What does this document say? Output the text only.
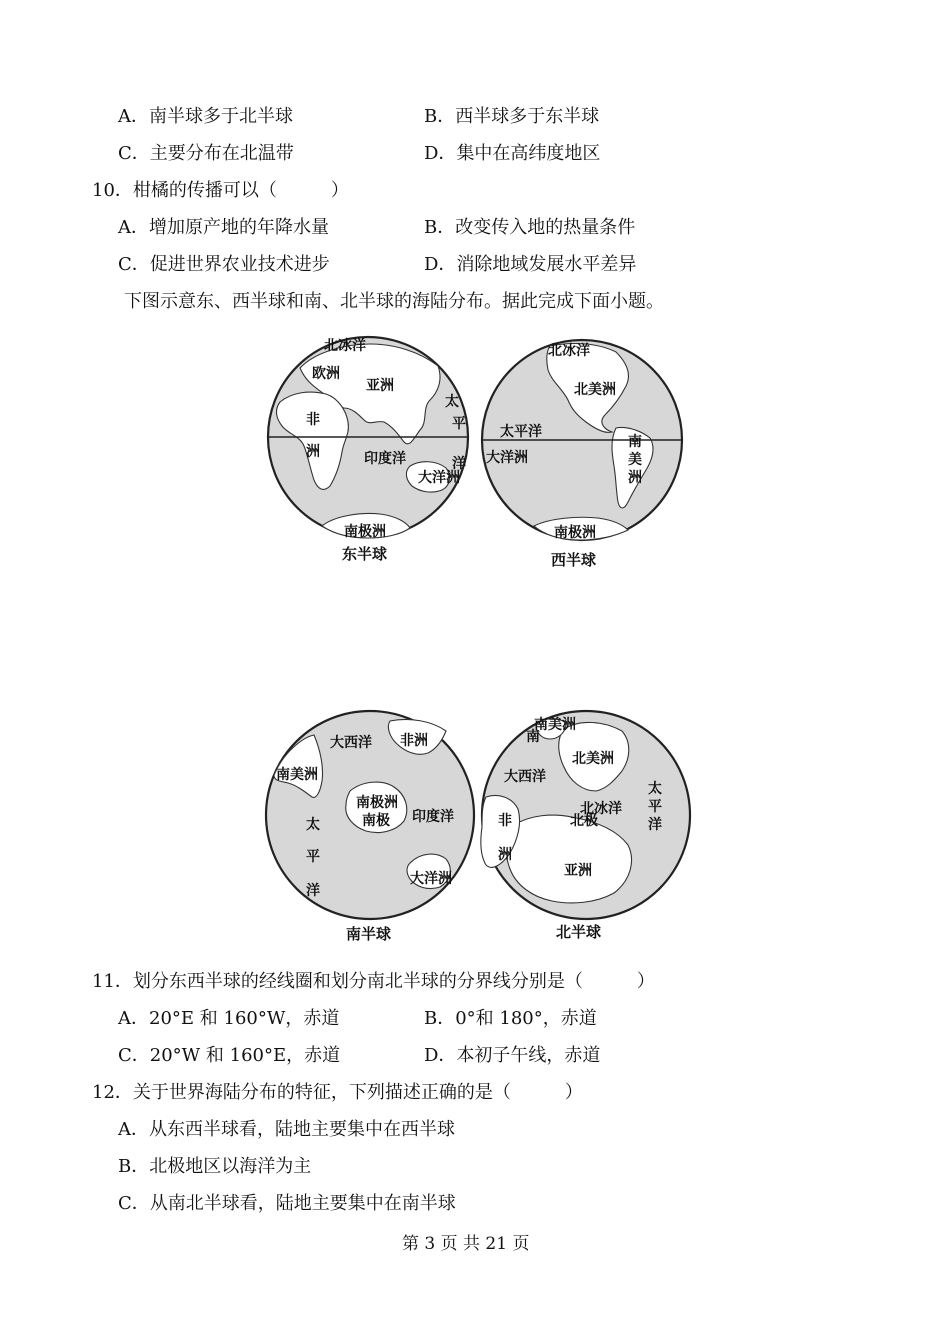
A．南半球多于北半球	B．西半球多于东半球
C．主要分布在北温带	D．集中在高纬度地区
10．柑橘的传播可以（　　　）
A．增加原产地的年降水量	B．改变传入地的热量条件
C．促进世界农业技术进步	D．消除地域发展水平差异
下图示意东、西半球和南、北半球的海陆分布。据此完成下面小题。
北冰洋
欧洲
亚洲
非
洲	印度洋
太
平
洋
大洋洲
南极洲
东半球
北冰洋
北美洲
太平洋
大洋洲
南
美
洲
南极洲
西半球
大西洋 非洲
南美洲
南极洲
南极 印度洋
太
平
洋
大洋洲
南半球
南美洲
南
北美洲
大西洋
北冰洋
北极
非
洲
亚洲
太
平
洋
北半球
11．划分东西半球的经线圈和划分南北半球的分界线分别是（　　　）
A．20°E 和 160°W，赤道	B．0°和 180°，赤道
C．20°W 和 160°E，赤道	D．本初子午线，赤道
12．关于世界海陆分布的特征，下列描述正确的是（　　　）
A．从东西半球看，陆地主要集中在西半球
B．北极地区以海洋为主
C．从南北半球看，陆地主要集中在南半球
第 3 页 共 21 页
